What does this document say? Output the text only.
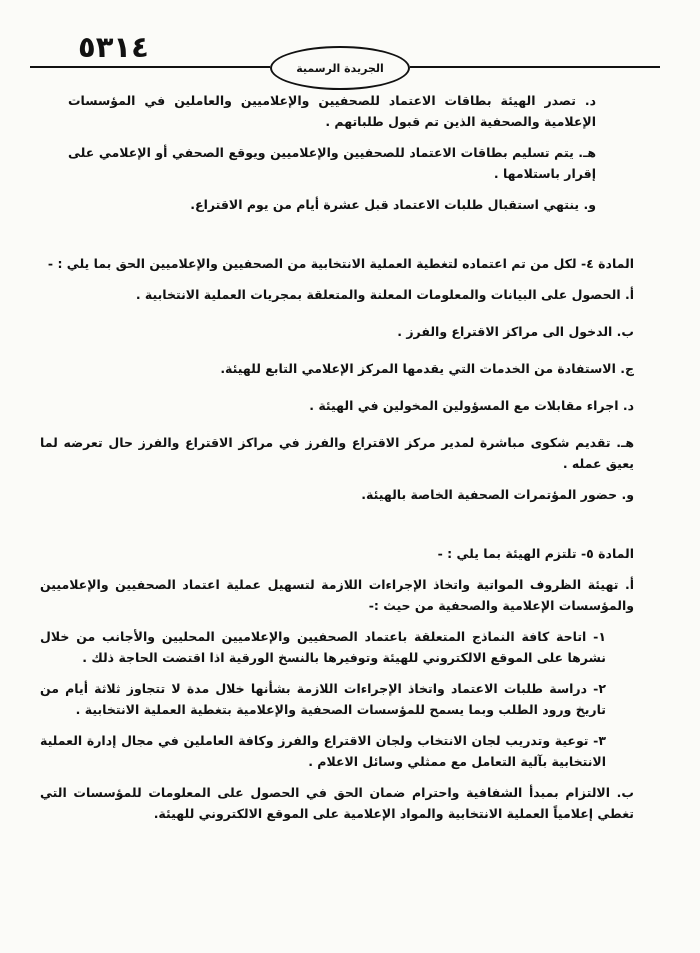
٥٣١٤
الجريدة الرسمية

د. تصدر الهيئة بطاقات الاعتماد للصحفيين والإعلاميين والعاملين في المؤسسات الإعلامية والصحفية الذين تم قبول طلباتهم .

هـ. يتم تسليم بطاقات الاعتماد للصحفيين والإعلاميين ويوقع الصحفي أو الإعلامي على إقرار باستلامها .

و. ينتهي استقبال طلبات الاعتماد قبل عشرة أيام من يوم الاقتراع.

المادة ٤- لكل من تم اعتماده لتغطية العملية الانتخابية من الصحفيين والإعلاميين الحق بما يلي : -

أ. الحصول على البيانات والمعلومات المعلنة والمتعلقة بمجريات العملية الانتخابية .

ب. الدخول الى مراكز الاقتراع والفرز .

ج. الاستفادة من الخدمات التي يقدمها المركز الإعلامي التابع للهيئة.

د. اجراء مقابلات مع المسؤولين المخولين في الهيئة .

هـ. تقديم شكوى مباشرة لمدير مركز الاقتراع والفرز في مراكز الاقتراع والفرز حال تعرضه لما يعيق عمله .

و. حضور المؤتمرات الصحفية الخاصة بالهيئة.

المادة ٥- تلتزم الهيئة بما يلي : -

أ. تهيئة الظروف المواتية واتخاذ الإجراءات اللازمة لتسهيل عملية اعتماد الصحفيين والإعلاميين والمؤسسات الإعلامية والصحفية من حيث :-

١- اتاحة كافة النماذج المتعلقة باعتماد الصحفيين والإعلاميين المحليين والأجانب من خلال نشرها على الموقع الالكتروني للهيئة وتوفيرها بالنسخ الورقية اذا اقتضت الحاجة ذلك .

٢- دراسة طلبات الاعتماد واتخاذ الإجراءات اللازمة بشأنها خلال مدة لا تتجاوز ثلاثة أيام من تاريخ ورود الطلب وبما يسمح للمؤسسات الصحفية والإعلامية بتغطية العملية الانتخابية .

٣- توعية وتدريب لجان الانتخاب ولجان الاقتراع والفرز وكافة العاملين في مجال إدارة العملية الانتخابية بآلية التعامل مع ممثلي وسائل الاعلام .

ب. الالتزام بمبدأ الشفافية واحترام ضمان الحق في الحصول على المعلومات للمؤسسات التي تغطي إعلامياً العملية الانتخابية والمواد الإعلامية على الموقع الالكتروني للهيئة.
